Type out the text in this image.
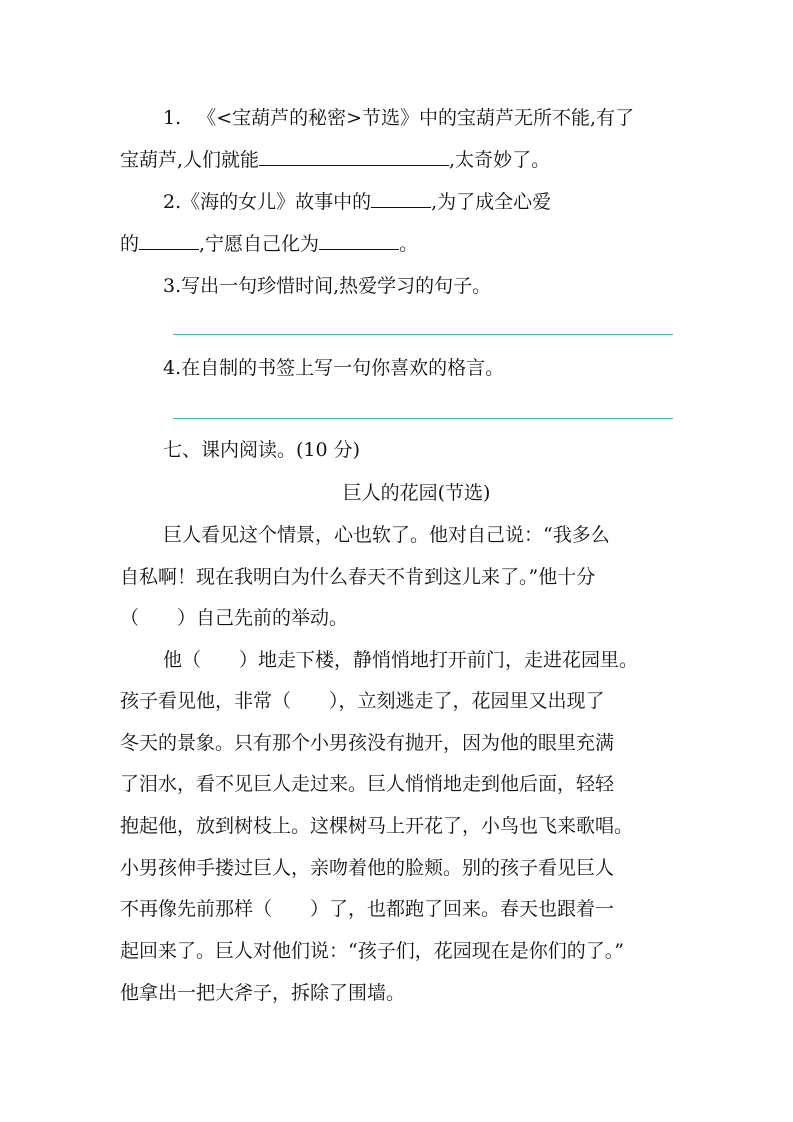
1. 《<宝葫芦的秘密>节选》中的宝葫芦无所不能,有了
宝葫芦,人们就能	,太奇妙了。
2.《海的女儿》故事中的	,为了成全心爱
的	,宁愿自己化为	。
3.写出一句珍惜时间,热爱学习的句子。
4.在自制的书签上写一句你喜欢的格言。
七、课内阅读。(10 分)
巨人的花园(节选)
巨人看见这个情景，心也软了。他对自己说：“我多么
自私啊！现在我明白为什么春天不肯到这儿来了。”他十分
（　　）自己先前的举动。
他（　　）地走下楼，静悄悄地打开前门，走进花园里。
孩子看见他，非常（　　），立刻逃走了，花园里又出现了
冬天的景象。只有那个小男孩没有抛开，因为他的眼里充满
了泪水，看不见巨人走过来。巨人悄悄地走到他后面，轻轻
抱起他，放到树枝上。这棵树马上开花了，小鸟也飞来歌唱。
小男孩伸手搂过巨人，亲吻着他的脸颊。别的孩子看见巨人
不再像先前那样（　　）了，也都跑了回来。春天也跟着一
起回来了。巨人对他们说：“孩子们，花园现在是你们的了。”
他拿出一把大斧子，拆除了围墙。
